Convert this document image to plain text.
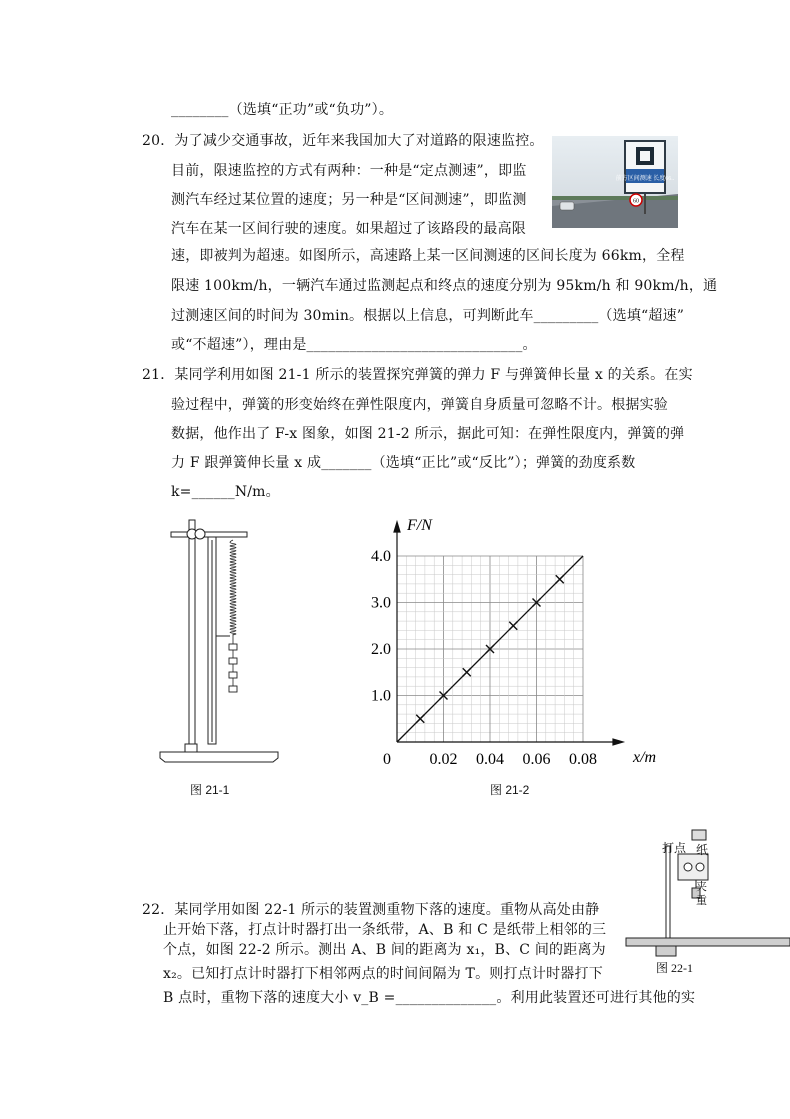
________（选填“正功”或“负功”）。
20．为了减少交通事故，近年来我国加大了对道路的限速监控。
目前，限速监控的方式有两种：一种是“定点测速”，即监
测汽车经过某位置的速度；另一种是“区间测速”，即监测
汽车在某一区间行驶的速度。如果超过了该路段的最高限
速，即被判为超速。如图所示，高速路上某一区间测速的区间长度为 66km，全程
限速 100km/h，一辆汽车通过监测起点和终点的速度分别为 95km/h 和 90km/h，通
过测速区间的时间为 30min。根据以上信息，可判断此车_________（选填“超速”
或“不超速”），理由是______________________________。
前方区间测速 长度66..
60
21．某同学利用如图 21-1 所示的装置探究弹簧的弹力 F 与弹簧伸长量 x 的关系。在实
验过程中，弹簧的形变始终在弹性限度内，弹簧自身质量可忽略不计。根据实验
数据，他作出了 F-x 图象，如图 21-2 所示，据此可知：在弹性限度内，弹簧的弹
力 F 跟弹簧伸长量 x 成_______（选填“正比”或“反比”）；弹簧的劲度系数
k=______N/m。
图 21-1
0.02 0.04 0.06 0.08
1.0
2.0
3.0
4.0
0	x/m
F/N
图 21-2
22．某同学用如图 22-1 所示的装置测重物下落的速度。重物从高处由静
止开始下落，打点计时器打出一条纸带，A、B 和 C 是纸带上相邻的三
个点，如图 22-2 所示。测出 A、B 间的距离为 x₁，B、C 间的距离为
x₂。已知打点计时器打下相邻两点的时间间隔为 T。则打点计时器打下
B 点时，重物下落的速度大小 v_B =______________。利用此装置还可进行其他的实
打点 纸
夹
重
图 22-1
